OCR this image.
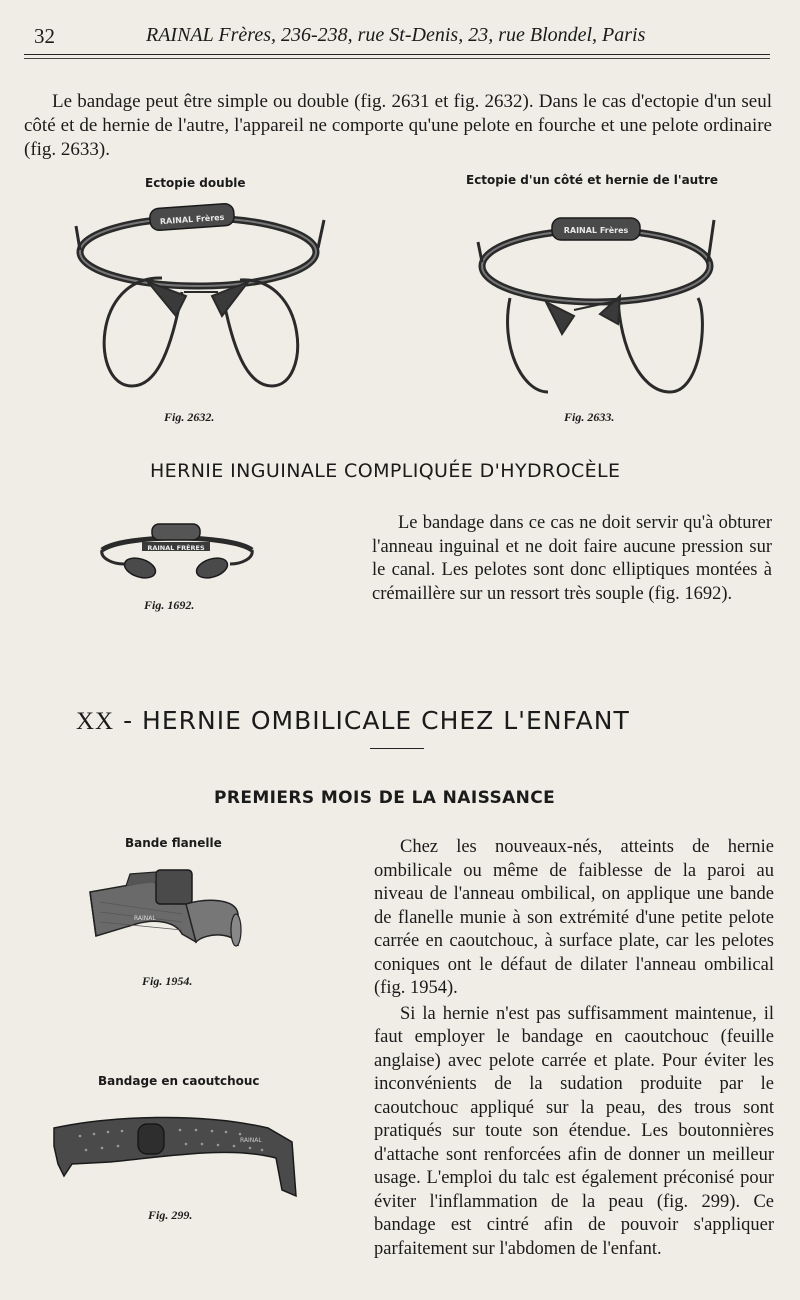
32	RAINAL Frères, 236-238, rue St-Denis, 23, rue Blondel, Paris
Le bandage peut être simple ou double (fig. 2631 et fig. 2632). Dans le cas d'ectopie d'un seul côté et de hernie de l'autre, l'appareil ne comporte qu'une pelote en fourche et une pelote ordinaire (fig. 2633).
Ectopie double
RAINAL Frères
Fig. 2632.
Ectopie d'un côté et hernie de l'autre
RAINAL Frères
Fig. 2633.
HERNIE INGUINALE COMPLIQUÉE D'HYDROCÈLE
RAINAL FRÈRES
Fig. 1692.

Le bandage dans ce cas ne doit servir qu'à obturer l'anneau inguinal et ne doit faire aucune pression sur le canal. Les pelotes sont donc elliptiques montées à crémaillère sur un ressort très souple (fig. 1692).

XX - HERNIE OMBILICALE CHEZ L'ENFANT
PREMIERS MOIS DE LA NAISSANCE
Bande flanelle
RAINAL
Fig. 1954.
Bandage en caoutchouc
RAINAL
Fig. 299.

Chez les nouveaux-nés, atteints de hernie ombilicale ou même de faiblesse de la paroi au niveau de l'anneau ombilical, on applique une bande de flanelle munie à son extrémité d'une petite pelote carrée en caoutchouc, à surface plate, car les pelotes coniques ont le défaut de dilater l'anneau ombilical (fig. 1954).

Si la hernie n'est pas suffisamment maintenue, il faut employer le bandage en caoutchouc (feuille anglaise) avec pelote carrée et plate. Pour éviter les inconvénients de la sudation produite par le caoutchouc appliqué sur la peau, des trous sont pratiqués sur toute son étendue. Les boutonnières d'attache sont renforcées afin de donner un meilleur usage. L'emploi du talc est également préconisé pour éviter l'inflammation de la peau (fig. 299). Ce bandage est cintré afin de pouvoir s'appliquer parfaitement sur l'abdomen de l'enfant.
